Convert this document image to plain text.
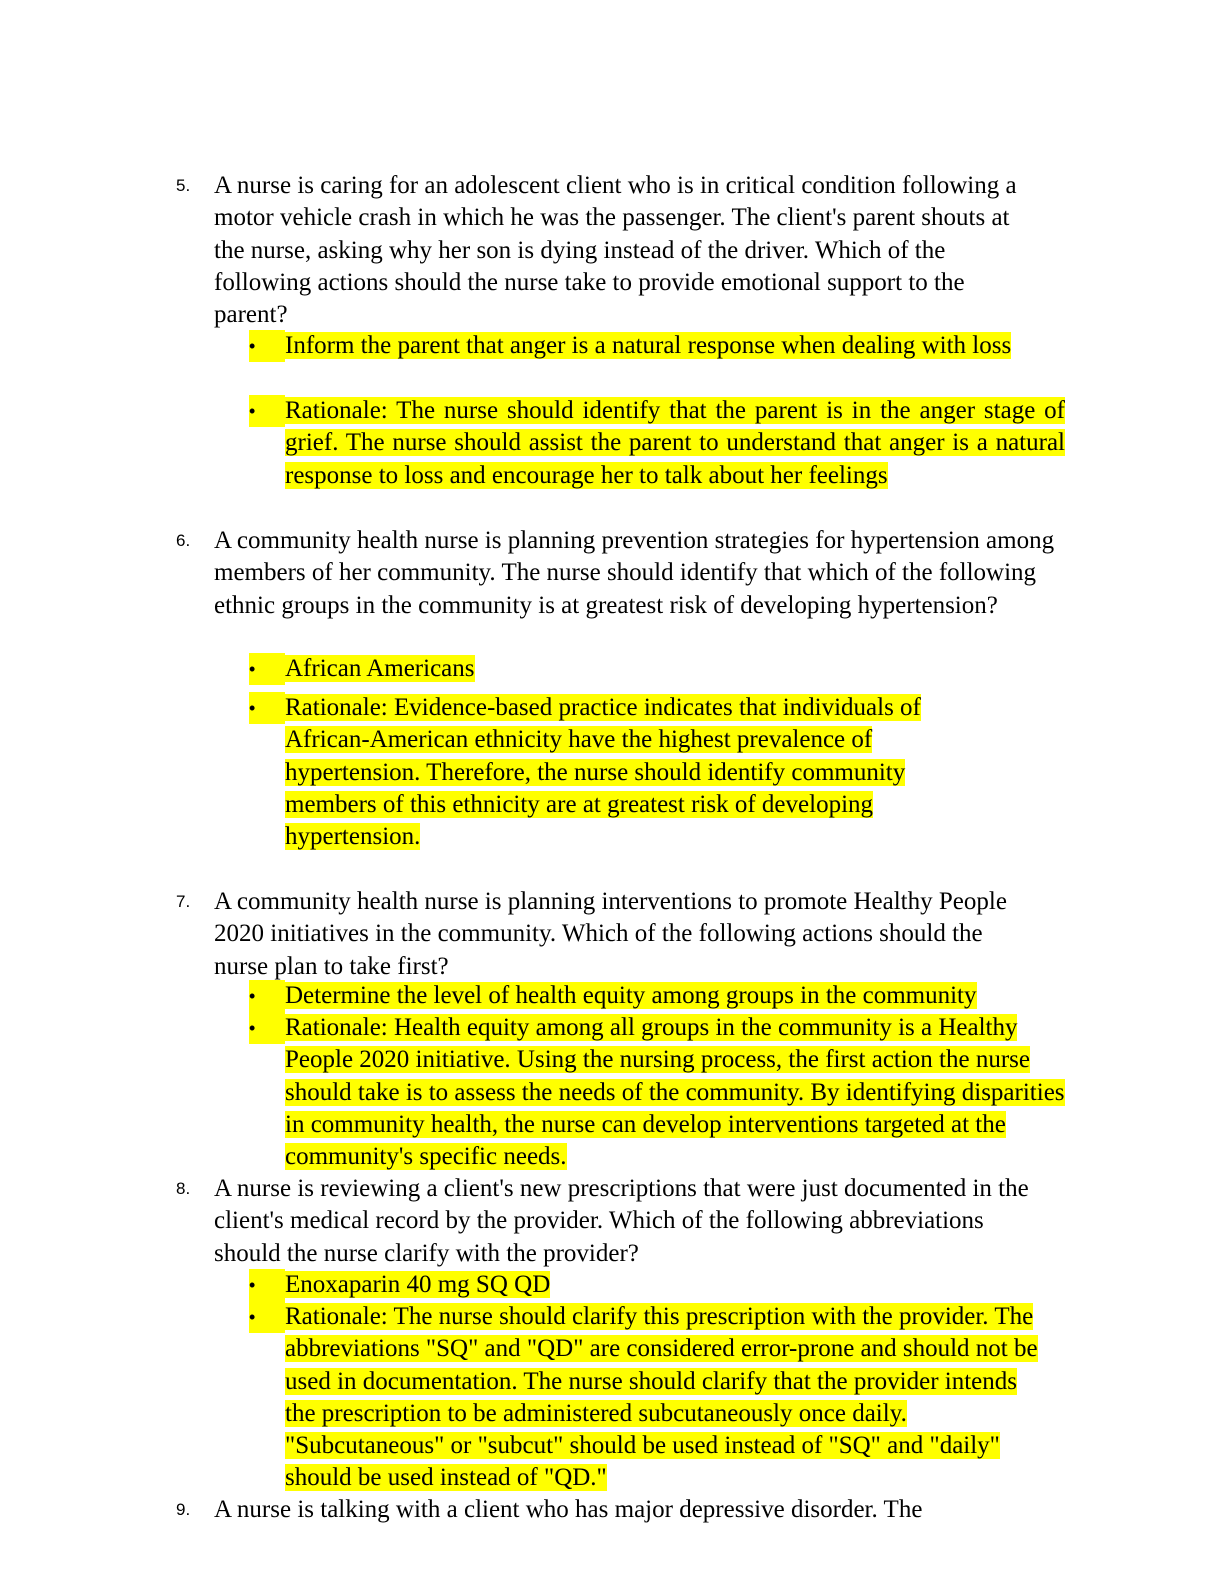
5. A nurse is caring for an adolescent client who is in critical condition following a motor vehicle crash in which he was the passenger. The client's parent shouts at the nurse, asking why her son is dying instead of the driver. Which of the following actions should the nurse take to provide emotional support to the parent?
•	Inform the parent that anger is a natural response when dealing with loss
•	Rationale: The nurse should identify that the parent is in the anger stage of grief. The nurse should assist the parent to understand that anger is a natural response to loss and encourage her to talk about her feelings
6. A community health nurse is planning prevention strategies for hypertension among members of her community. The nurse should identify that which of the following ethnic groups in the community is at greatest risk of developing hypertension?
•	African Americans
•	Rationale: Evidence-based practice indicates that individuals of African-American ethnicity have the highest prevalence of hypertension. Therefore, the nurse should identify community members of this ethnicity are at greatest risk of developing hypertension.
7. A community health nurse is planning interventions to promote Healthy People 2020 initiatives in the community. Which of the following actions should the nurse plan to take first?
•	Determine the level of health equity among groups in the community
•	Rationale: Health equity among all groups in the community is a Healthy People 2020 initiative. Using the nursing process, the first action the nurse should take is to assess the needs of the community. By identifying disparities in community health, the nurse can develop interventions targeted at the community's specific needs.
8. A nurse is reviewing a client's new prescriptions that were just documented in the client's medical record by the provider. Which of the following abbreviations should the nurse clarify with the provider?
•	Enoxaparin 40 mg SQ QD
•	Rationale: The nurse should clarify this prescription with the provider. The abbreviations "SQ" and "QD" are considered error-prone and should not be used in documentation. The nurse should clarify that the provider intends the prescription to be administered subcutaneously once daily. "Subcutaneous" or "subcut" should be used instead of "SQ" and "daily" should be used instead of "QD."
9. A nurse is talking with a client who has major depressive disorder. The
